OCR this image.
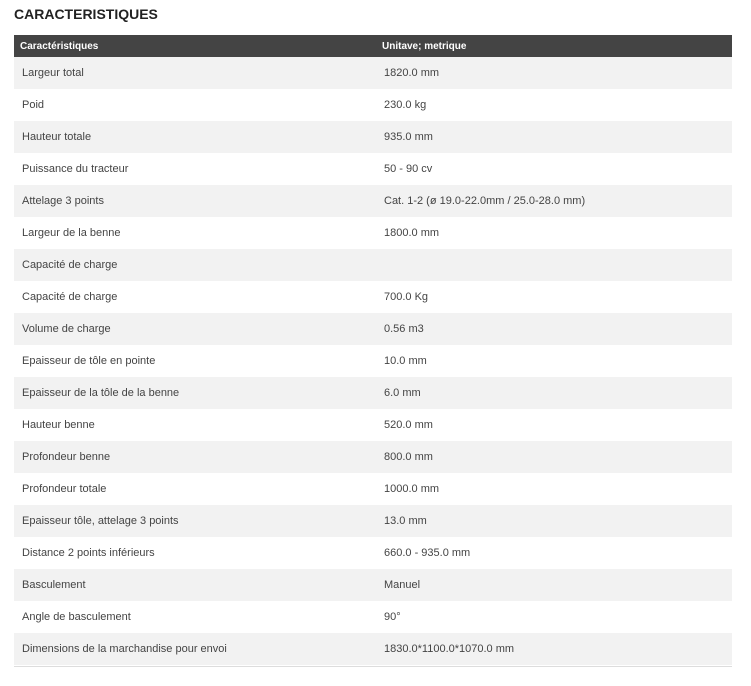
CARACTERISTIQUES
Caractéristiques	Unitave; metrique
Largeur total	1820.0 mm
Poid	230.0 kg
Hauteur totale	935.0 mm
Puissance du tracteur	50 - 90 cv
Attelage 3 points	Cat. 1-2 (ø 19.0-22.0mm / 25.0-28.0 mm)
Largeur de la benne	1800.0 mm
Capacité de charge	
Capacité de charge	700.0 Kg
Volume de charge	0.56 m3
Epaisseur de tôle en pointe	10.0 mm
Epaisseur de la tôle de la benne	6.0 mm
Hauteur benne	520.0 mm
Profondeur benne	800.0 mm
Profondeur totale	1000.0 mm
Epaisseur tôle, attelage 3 points	13.0 mm
Distance 2 points inférieurs	660.0 - 935.0 mm
Basculement	Manuel
Angle de basculement	90°
Dimensions de la marchandise pour envoi	1830.0*1100.0*1070.0 mm
